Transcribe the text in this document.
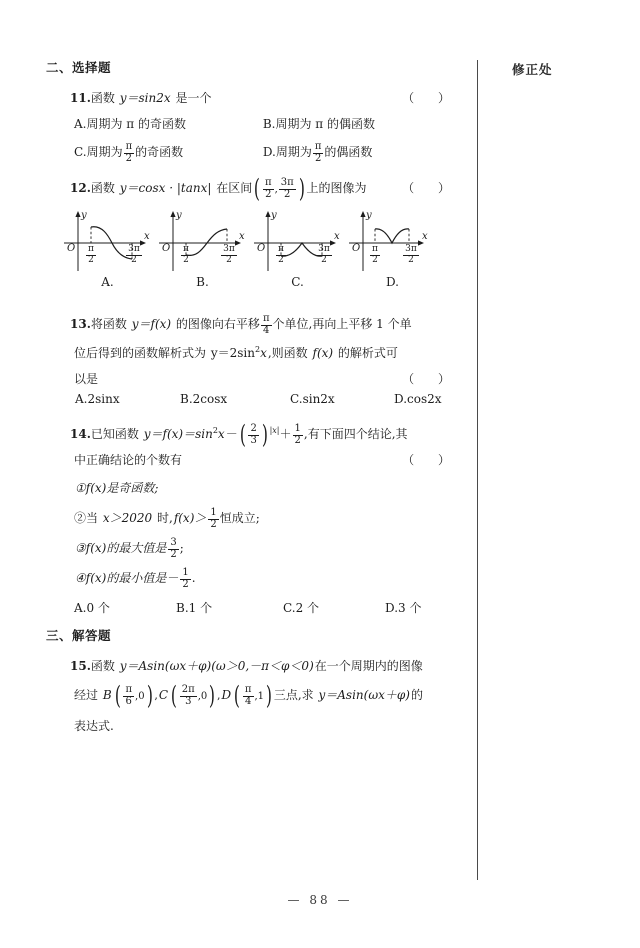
修正处
二、选择题
11.函数 y＝sin2x 是一个	（ ）
A.周期为 π 的奇函数	B.周期为 π 的偶函数
C.周期为 $\frac{\pi}{2}$ 的奇函数	D.周期为 $\frac{\pi}{2}$ 的偶函数
12.函数 y＝cosx · |tanx| 在区间( $\frac{\pi}{2}$ , $\frac{3\pi}{2}$ ) 上的图像为	（ ）
y
x
O $\frac{\pi}{2}$	$\frac{3\pi}{2}$
A.
y
x
O $\frac{\pi}{2}$	$\frac{3\pi}{2}$
B.
y
x
O $\frac{\pi}{2}$	$\frac{3\pi}{2}$
C.
y
x
O $\frac{\pi}{2}$	$\frac{3\pi}{2}$
D.
13.将函数 y＝f(x) 的图像向右平移 $\frac{\pi}{4}$ 个单位,再向上平移 1 个单
位后得到的函数解析式为 $y=2\sin^2x$,则函数 f(x) 的解析式可
以是	（ ）
A.2sinx	B.2cosx	C.sin2x	D.cos2x
14.已知函数 $y=f(x)=\sin^2x-$ ( $\frac{2}{3}$ ) $^{|x|}+ \frac{1}{2}$ ,有下面四个结论,其
中正确结论的个数有	（ ）
①f(x)是奇函数;
②当 x＞2020 时$,f(x)> \frac{1}{2}$ 恒成立;
③f(x)的最大值是 $\frac{3}{2}$ ;
④f(x)的最小值是－ $\frac{1}{2}$ .
A.0 个	B.1 个	C.2 个	D.3 个
三、解答题
15.函数 y＝Asin(ωx＋φ)(ω＞0,－π＜φ＜0)在一个周期内的图像
经过 B ( $\frac{\pi}{6} ,0$) ,C ( $\frac{2\pi}{3} ,0$) ,D ( $\frac{\pi}{4} ,1$) 三点,求 y＝Asin(ωx＋φ)的
表达式.
— 88 —
